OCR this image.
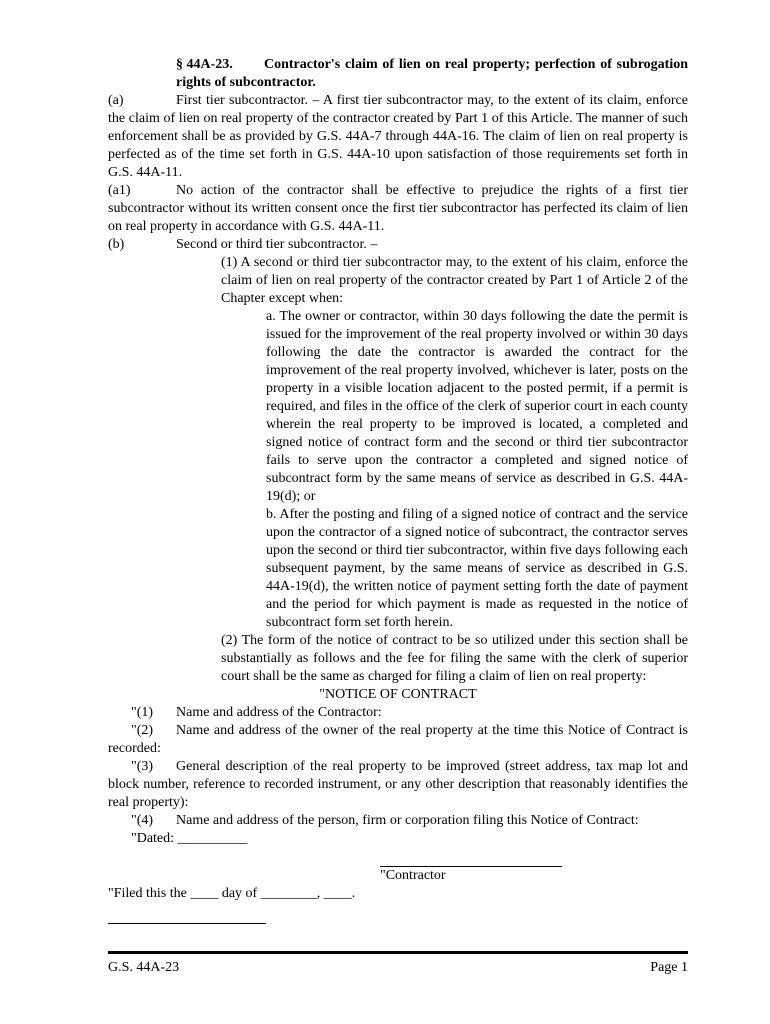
§ 44A-23. Contractor's claim of lien on real property; perfection of subrogation rights of subcontractor.
(a)	First tier subcontractor. – A first tier subcontractor may, to the extent of its claim, enforce the claim of lien on real property of the contractor created by Part 1 of this Article. The manner of such enforcement shall be as provided by G.S. 44A-7 through 44A-16. The claim of lien on real property is perfected as of the time set forth in G.S. 44A-10 upon satisfaction of those requirements set forth in G.S. 44A-11.
(a1)	No action of the contractor shall be effective to prejudice the rights of a first tier subcontractor without its written consent once the first tier subcontractor has perfected its claim of lien on real property in accordance with G.S. 44A-11.
(b)	Second or third tier subcontractor. –
(1) A second or third tier subcontractor may, to the extent of his claim, enforce the claim of lien on real property of the contractor created by Part 1 of Article 2 of the Chapter except when:
a. The owner or contractor, within 30 days following the date the permit is issued for the improvement of the real property involved or within 30 days following the date the contractor is awarded the contract for the improvement of the real property involved, whichever is later, posts on the property in a visible location adjacent to the posted permit, if a permit is required, and files in the office of the clerk of superior court in each county wherein the real property to be improved is located, a completed and signed notice of contract form and the second or third tier subcontractor fails to serve upon the contractor a completed and signed notice of subcontract form by the same means of service as described in G.S. 44A-19(d); or
b. After the posting and filing of a signed notice of contract and the service upon the contractor of a signed notice of subcontract, the contractor serves upon the second or third tier subcontractor, within five days following each subsequent payment, by the same means of service as described in G.S. 44A-19(d), the written notice of payment setting forth the date of payment and the period for which payment is made as requested in the notice of subcontract form set forth herein.
(2) The form of the notice of contract to be so utilized under this section shall be substantially as follows and the fee for filing the same with the clerk of superior court shall be the same as charged for filing a claim of lien on real property:
"NOTICE OF CONTRACT
"(1) Name and address of the Contractor:
"(2) Name and address of the owner of the real property at the time this Notice of Contract is recorded:
"(3) General description of the real property to be improved (street address, tax map lot and block number, reference to recorded instrument, or any other description that reasonably identifies the real property):
"(4) Name and address of the person, firm or corporation filing this Notice of Contract:
"Dated: __________
"Contractor
"Filed this the ____ day of ________, ____.
G.S. 44A-23	Page 1
